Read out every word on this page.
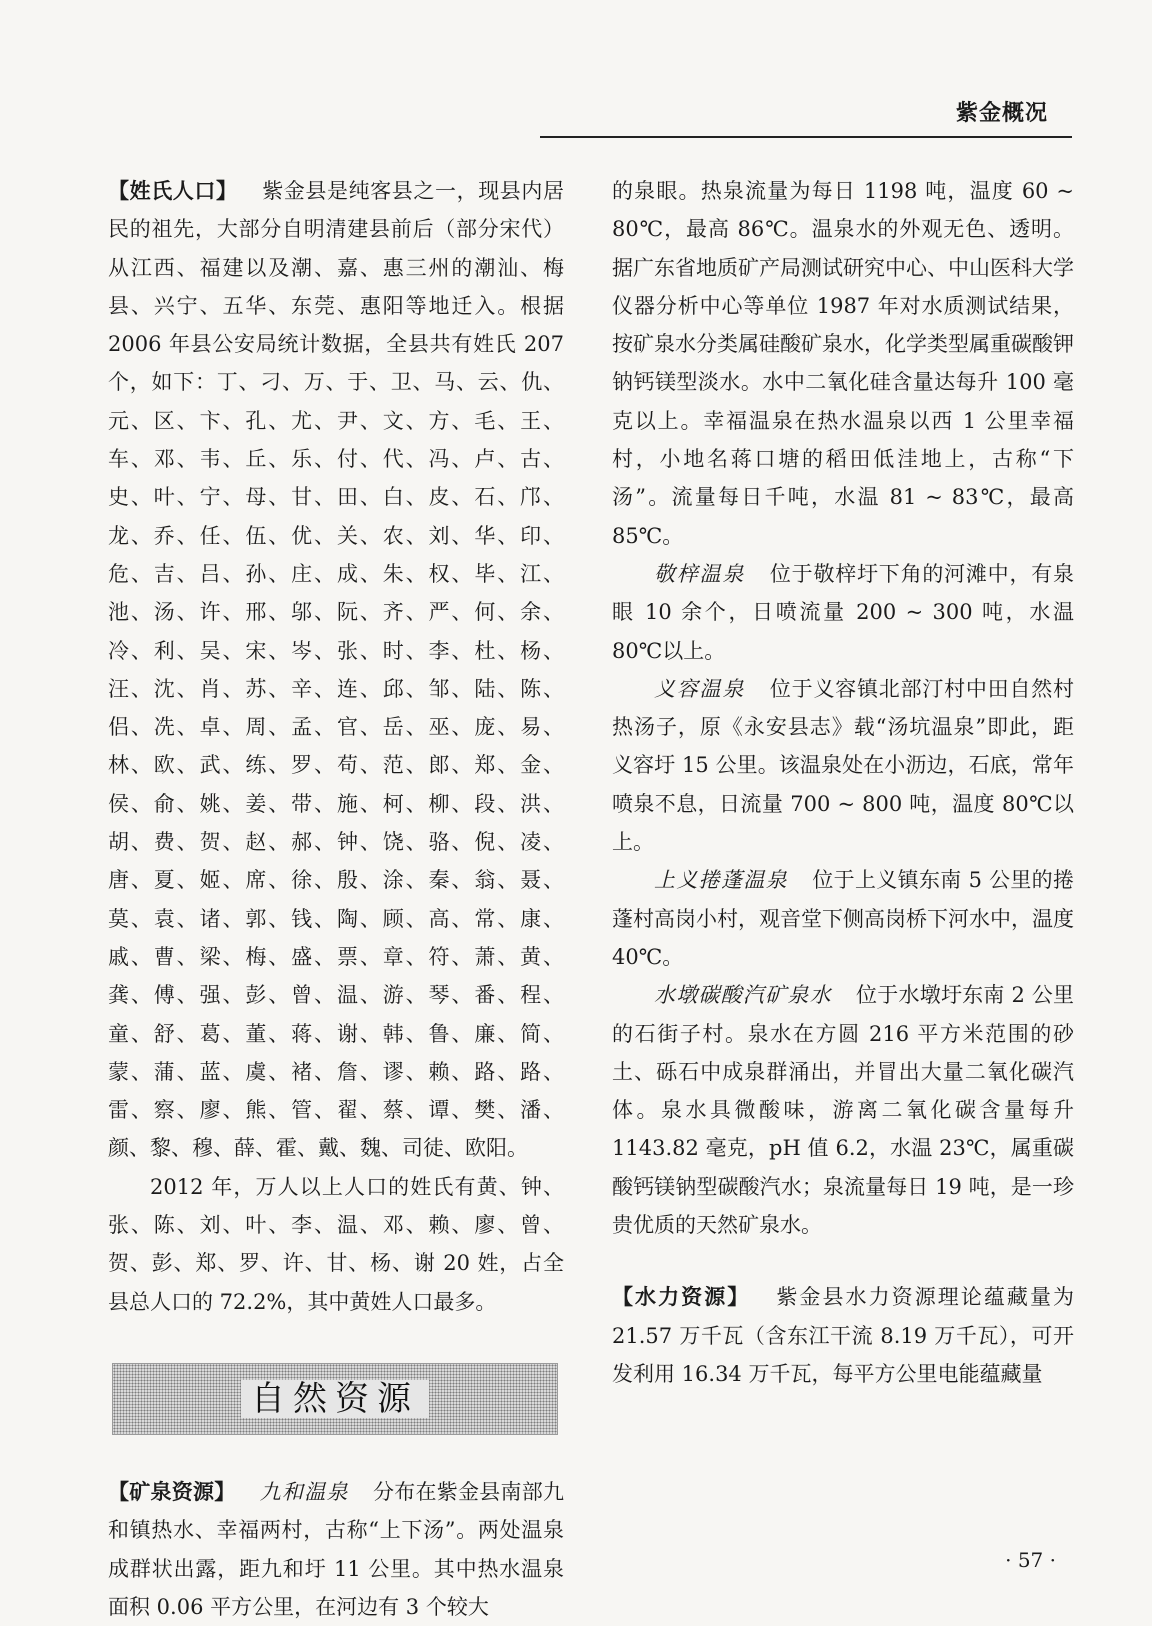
紫金概况

【姓氏人口】 紫金县是纯客县之一，现县内居民的祖先，大部分自明清建县前后（部分宋代）从江西、福建以及潮、嘉、惠三州的潮汕、梅县、兴宁、五华、东莞、惠阳等地迁入。根据 2006 年县公安局统计数据，全县共有姓氏 207 个，如下：丁、刁、万、于、卫、马、云、仇、元、区、卞、孔、尤、尹、文、方、毛、王、车、邓、韦、丘、乐、付、代、冯、卢、古、史、叶、宁、母、甘、田、白、皮、石、邝、龙、乔、任、伍、优、关、农、刘、华、印、危、吉、吕、孙、庄、成、朱、权、毕、江、池、汤、许、邢、邬、阮、齐、严、何、余、冷、利、吴、宋、岑、张、时、李、杜、杨、汪、沈、肖、苏、辛、连、邱、邹、陆、陈、侣、冼、卓、周、孟、官、岳、巫、庞、易、林、欧、武、练、罗、苟、范、郎、郑、金、侯、俞、姚、姜、带、施、柯、柳、段、洪、胡、费、贺、赵、郝、钟、饶、骆、倪、凌、唐、夏、姬、席、徐、殷、涂、秦、翁、聂、莫、袁、诸、郭、钱、陶、顾、高、常、康、戚、曹、梁、梅、盛、票、章、符、萧、黄、龚、傅、强、彭、曾、温、游、琴、番、程、童、舒、葛、董、蒋、谢、韩、鲁、廉、简、蒙、蒲、蓝、虞、褚、詹、谬、赖、路、路、雷、察、廖、熊、管、翟、蔡、谭、樊、潘、颜、黎、穆、薛、霍、戴、魏、司徒、欧阳。

2012 年，万人以上人口的姓氏有黄、钟、张、陈、刘、叶、李、温、邓、赖、廖、曾、贺、彭、郑、罗、许、甘、杨、谢 20 姓，占全县总人口的 72.2%，其中黄姓人口最多。

自然资源

【矿泉资源】 九和温泉 分布在紫金县南部九和镇热水、幸福两村，古称“上下汤”。两处温泉成群状出露，距九和圩 11 公里。其中热水温泉面积 0.06 平方公里，在河边有 3 个较大

的泉眼。热泉流量为每日 1198 吨，温度 60 ~ 80℃，最高 86℃。温泉水的外观无色、透明。据广东省地质矿产局测试研究中心、中山医科大学仪器分析中心等单位 1987 年对水质测试结果，按矿泉水分类属硅酸矿泉水，化学类型属重碳酸钾钠钙镁型淡水。水中二氧化硅含量达每升 100 毫克以上。幸福温泉在热水温泉以西 1 公里幸福村，小地名蒋口塘的稻田低洼地上，古称“下汤”。流量每日千吨，水温 81 ~ 83℃，最高 85℃。

敬梓温泉 位于敬梓圩下角的河滩中，有泉眼 10 余个，日喷流量 200 ~ 300 吨，水温 80℃以上。

义容温泉 位于义容镇北部汀村中田自然村热汤子，原《永安县志》载“汤坑温泉”即此，距义容圩 15 公里。该温泉处在小沥边，石底，常年喷泉不息，日流量 700 ~ 800 吨，温度 80℃以上。

上义捲蓬温泉 位于上义镇东南 5 公里的捲蓬村高岗小村，观音堂下侧高岗桥下河水中，温度 40℃。

水墩碳酸汽矿泉水 位于水墩圩东南 2 公里的石街子村。泉水在方圆 216 平方米范围的砂土、砾石中成泉群涌出，并冒出大量二氧化碳汽体。泉水具微酸味，游离二氧化碳含量每升 1143.82 毫克，pH 值 6.2，水温 23℃，属重碳酸钙镁钠型碳酸汽水；泉流量每日 19 吨，是一珍贵优质的天然矿泉水。

【水力资源】 紫金县水力资源理论蕴藏量为 21.57 万千瓦（含东江干流 8.19 万千瓦），可开发利用 16.34 万千瓦，每平方公里电能蕴藏量

· 57 ·
